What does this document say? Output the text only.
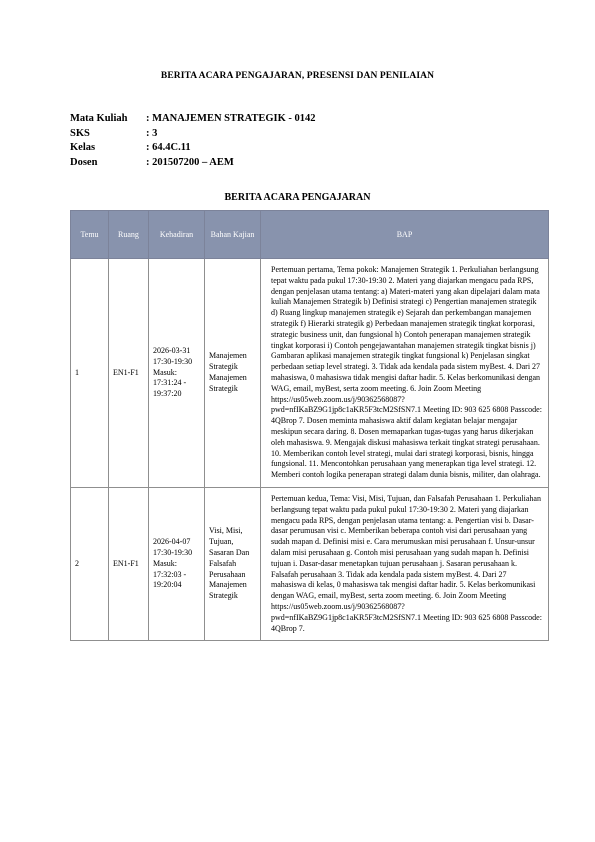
BERITA ACARA PENGAJARAN, PRESENSI DAN PENILAIAN
Mata Kuliah	: MANAJEMEN STRATEGIK - 0142
SKS	: 3
Kelas	: 64.4C.11
Dosen	: 201507200 – AEM
BERITA ACARA PENGAJARAN
Temu	Ruang	Kehadiran	Bahan Kajian	BAP
1	EN1-F1	2026-03-31 17:30-19:30 Masuk: 17:31:24 - 19:37:20	Manajemen Strategik Manajemen Strategik	Pertemuan pertama, Tema pokok: Manajemen Strategik 1. Perkuliahan berlangsung tepat waktu pada pukul 17:30-19:30 2. Materi yang diajarkan mengacu pada RPS, dengan penjelasan utama tentang: a) Materi-materi yang akan dipelajari dalam mata kuliah Manajemen Strategik b) Definisi strategi c) Pengertian manajemen strategik d) Ruang lingkup manajemen strategik e) Sejarah dan perkembangan manajemen strategik f) Hierarki strategik g) Perbedaan manajemen strategik tingkat korporasi, strategic business unit, dan fungsional h) Contoh penerapan manajemen strategik tingkat korporasi i) Contoh pengejawantahan manajemen strategik tingkat bisnis j) Gambaran aplikasi manajemen strategik tingkat fungsional k) Penjelasan singkat perbedaan setiap level strategi. 3. Tidak ada kendala pada sistem myBest. 4. Dari 27 mahasiswa, 0 mahasiswa tidak mengisi daftar hadir. 5. Kelas berkomunikasi dengan WAG, email, myBest, serta zoom meeting. 6. Join Zoom Meeting https://us05web.zoom.us/j/90362568087?pwd=nfIKaBZ9G1jp8c1aKR5F3tcM2SfSN7.1 Meeting ID: 903 625 6808 Passcode: 4QBrop 7. Dosen meminta mahasiswa aktif dalam kegiatan belajar mengajar meskipun secara daring. 8. Dosen memaparkan tugas-tugas yang harus dikerjakan oleh mahasiswa. 9. Mengajak diskusi mahasiswa terkait tingkat strategi perusahaan. 10. Memberikan contoh level strategi, mulai dari strategi korporasi, bisnis, hingga fungsional. 11. Mencontohkan perusahaan yang menerapkan tiga level strategi. 12. Memberi contoh logika penerapan strategi dalam dunia bisnis, militer, dan olahraga.
2	EN1-F1	2026-04-07 17:30-19:30 Masuk: 17:32:03 - 19:20:04	Visi, Misi, Tujuan, Sasaran Dan Falsafah Perusahaan Manajemen Strategik	Pertemuan kedua, Tema: Visi, Misi, Tujuan, dan Falsafah Perusahaan 1. Perkuliahan berlangsung tepat waktu pada pukul pukul 17:30-19:30 2. Materi yang diajarkan mengacu pada RPS, dengan penjelasan utama tentang: a. Pengertian visi b. Dasar-dasar perumusan visi c. Memberikan beberapa contoh visi dari perusahaan yang sudah mapan d. Definisi misi e. Cara merumuskan misi perusahaan f. Unsur-unsur dalam misi perusahaan g. Contoh misi perusahaan yang sudah mapan h. Definisi tujuan i. Dasar-dasar menetapkan tujuan perusahaan j. Sasaran perusahaan k. Falsafah perusahaan 3. Tidak ada kendala pada sistem myBest. 4. Dari 27 mahasiswa di kelas, 0 mahasiswa tak mengisi daftar hadir. 5. Kelas berkomunikasi dengan WAG, email, myBest, serta zoom meeting. 6. Join Zoom Meeting https://us05web.zoom.us/j/90362568087?pwd=nfIKaBZ9G1jp8c1aKR5F3tcM2SfSN7.1 Meeting ID: 903 625 6808 Passcode: 4QBrop 7.
